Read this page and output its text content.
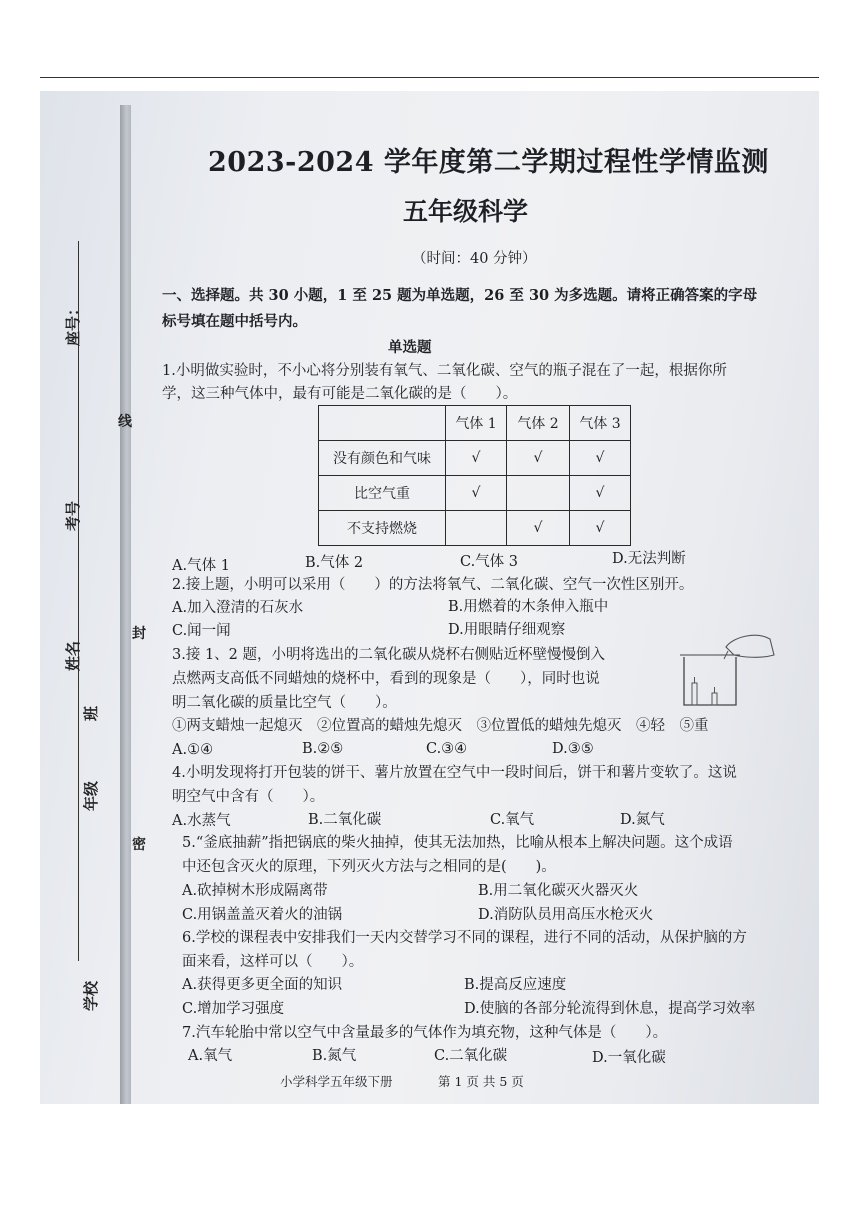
座号：
考号
姓名
班
年级
学校
线
封
密
2023-2024 学年度第二学期过程性学情监测
五年级科学
（时间：40 分钟）
一、选择题。共 30 小题，1 至 25 题为单选题，26 至 30 为多选题。请将正确答案的字母
标号填在题中括号内。
单选题
1.小明做实验时，不小心将分别装有氧气、二氧化碳、空气的瓶子混在了一起，根据你所
学，这三种气体中，最有可能是二氧化碳的是（　　）。
	气体 1	气体 2	气体 3
没有颜色和气味	√	√	√
比空气重	√		√
不支持燃烧		√	√
A.气体 1	B.气体 2	C.气体 3	D.无法判断
2.接上题，小明可以采用（　　）的方法将氧气、二氧化碳、空气一次性区别开。
A.加入澄清的石灰水	B.用燃着的木条伸入瓶中
C.闻一闻	D.用眼睛仔细观察
3.接 1、2 题，小明将选出的二氧化碳从烧杯右侧贴近杯壁慢慢倒入
点燃两支高低不同蜡烛的烧杯中，看到的现象是（　　），同时也说
明二氧化碳的质量比空气（　　）。
①两支蜡烛一起熄灭　②位置高的蜡烛先熄灭　③位置低的蜡烛先熄灭　④轻　⑤重
A.①④	B.②⑤	C.③④	D.③⑤
4.小明发现将打开包装的饼干、薯片放置在空气中一段时间后，饼干和薯片变软了。这说
明空气中含有（　　）。
A.水蒸气	B.二氧化碳	C.氧气	D.氮气
5.“釜底抽薪”指把锅底的柴火抽掉，使其无法加热，比喻从根本上解决问题。这个成语
中还包含灭火的原理，下列灭火方法与之相同的是(　　)。
A.砍掉树木形成隔离带	B.用二氧化碳灭火器灭火
C.用锅盖盖灭着火的油锅	D.消防队员用高压水枪灭火
6.学校的课程表中安排我们一天内交替学习不同的课程，进行不同的活动，从保护脑的方
面来看，这样可以（　　）。
A.获得更多更全面的知识	B.提高反应速度
C.增加学习强度	D.使脑的各部分轮流得到休息，提高学习效率
7.汽车轮胎中常以空气中含量最多的气体作为填充物，这种气体是（　　）。
A.氧气	B.氮气	C.二氧化碳	D.一氧化碳
小学科学五年级下册	第 1 页 共 5 页
